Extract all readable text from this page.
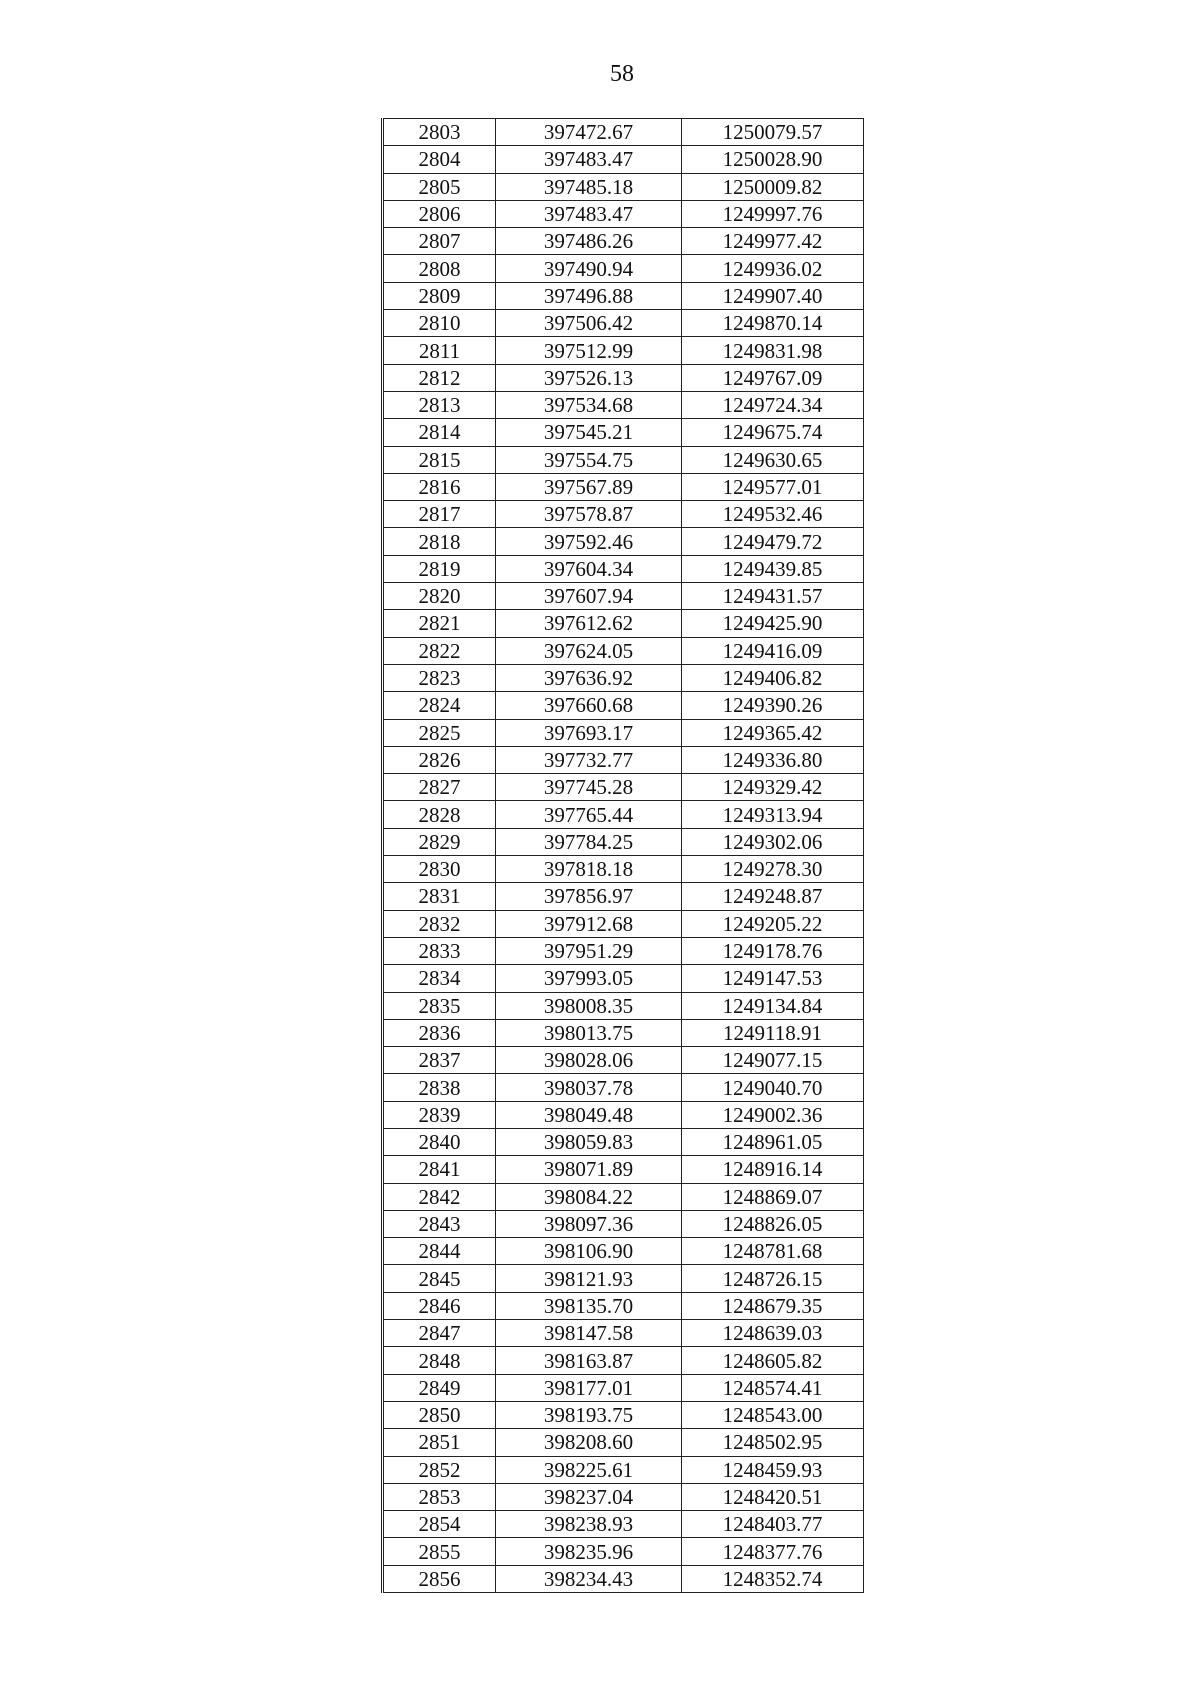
58
2803	397472.67	1250079.57
2804	397483.47	1250028.90
2805	397485.18	1250009.82
2806	397483.47	1249997.76
2807	397486.26	1249977.42
2808	397490.94	1249936.02
2809	397496.88	1249907.40
2810	397506.42	1249870.14
2811	397512.99	1249831.98
2812	397526.13	1249767.09
2813	397534.68	1249724.34
2814	397545.21	1249675.74
2815	397554.75	1249630.65
2816	397567.89	1249577.01
2817	397578.87	1249532.46
2818	397592.46	1249479.72
2819	397604.34	1249439.85
2820	397607.94	1249431.57
2821	397612.62	1249425.90
2822	397624.05	1249416.09
2823	397636.92	1249406.82
2824	397660.68	1249390.26
2825	397693.17	1249365.42
2826	397732.77	1249336.80
2827	397745.28	1249329.42
2828	397765.44	1249313.94
2829	397784.25	1249302.06
2830	397818.18	1249278.30
2831	397856.97	1249248.87
2832	397912.68	1249205.22
2833	397951.29	1249178.76
2834	397993.05	1249147.53
2835	398008.35	1249134.84
2836	398013.75	1249118.91
2837	398028.06	1249077.15
2838	398037.78	1249040.70
2839	398049.48	1249002.36
2840	398059.83	1248961.05
2841	398071.89	1248916.14
2842	398084.22	1248869.07
2843	398097.36	1248826.05
2844	398106.90	1248781.68
2845	398121.93	1248726.15
2846	398135.70	1248679.35
2847	398147.58	1248639.03
2848	398163.87	1248605.82
2849	398177.01	1248574.41
2850	398193.75	1248543.00
2851	398208.60	1248502.95
2852	398225.61	1248459.93
2853	398237.04	1248420.51
2854	398238.93	1248403.77
2855	398235.96	1248377.76
2856	398234.43	1248352.74
